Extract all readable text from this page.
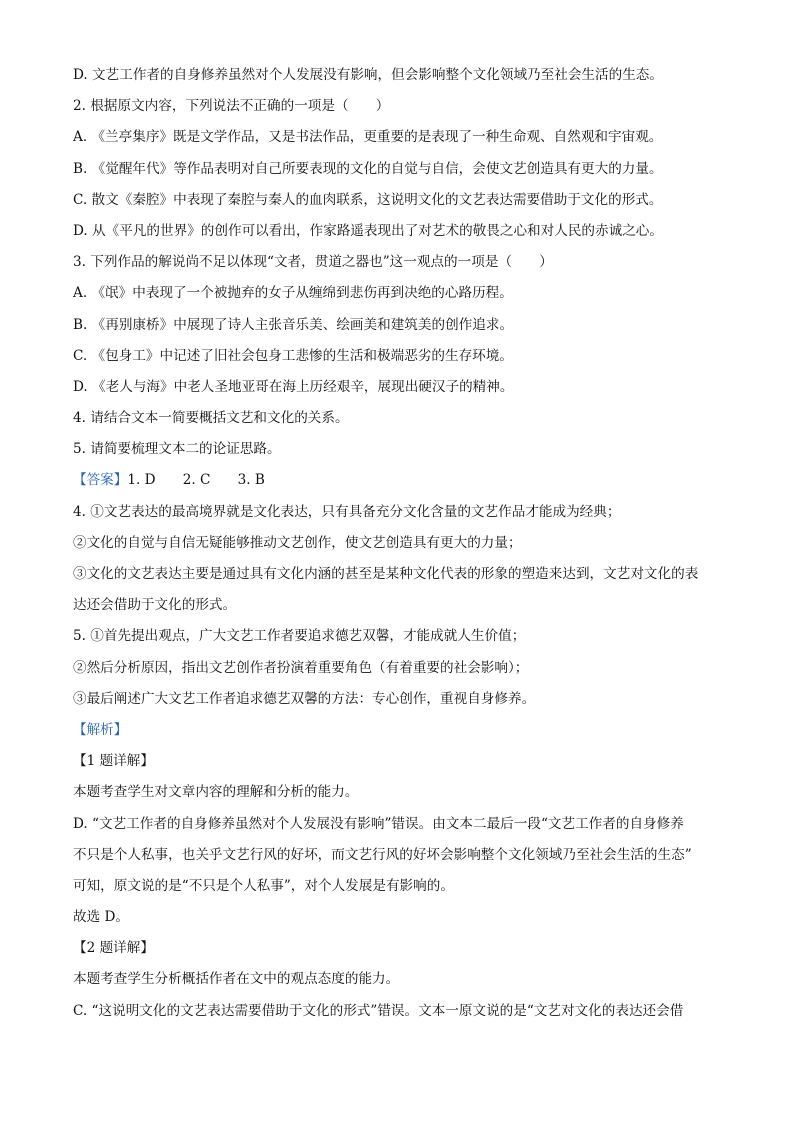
D. 文艺工作者的自身修养虽然对个人发展没有影响，但会影响整个文化领域乃至社会生活的生态。
2. 根据原文内容，下列说法不正确的一项是（　　）
A. 《兰亭集序》既是文学作品，又是书法作品，更重要的是表现了一种生命观、自然观和宇宙观。
B. 《觉醒年代》等作品表明对自己所要表现的文化的自觉与自信，会使文艺创造具有更大的力量。
C. 散文《秦腔》中表现了秦腔与秦人的血肉联系，这说明文化的文艺表达需要借助于文化的形式。
D. 从《平凡的世界》的创作可以看出，作家路遥表现出了对艺术的敬畏之心和对人民的赤诚之心。
3. 下列作品的解说尚不足以体现“文者，贯道之器也”这一观点的一项是（　　）
A. 《氓》中表现了一个被抛弃的女子从缠绵到悲伤再到决绝的心路历程。
B. 《再别康桥》中展现了诗人主张音乐美、绘画美和建筑美的创作追求。
C. 《包身工》中记述了旧社会包身工悲惨的生活和极端恶劣的生存环境。
D. 《老人与海》中老人圣地亚哥在海上历经艰辛，展现出硬汉子的精神。
4. 请结合文本一简要概括文艺和文化的关系。
5. 请简要梳理文本二的论证思路。
【答案】1. D　　2. C　　3. B
4. ①文艺表达的最高境界就是文化表达，只有具备充分文化含量的文艺作品才能成为经典；
②文化的自觉与自信无疑能够推动文艺创作，使文艺创造具有更大的力量；
③文化的文艺表达主要是通过具有文化内涵的甚至是某种文化代表的形象的塑造来达到，文艺对文化的表
达还会借助于文化的形式。
5. ①首先提出观点，广大文艺工作者要追求德艺双馨，才能成就人生价值；
②然后分析原因，指出文艺创作者扮演着重要角色（有着重要的社会影响）；
③最后阐述广大文艺工作者追求德艺双馨的方法：专心创作，重视自身修养。
【解析】
【1 题详解】
本题考查学生对文章内容的理解和分析的能力。
D. “文艺工作者的自身修养虽然对个人发展没有影响”错误。由文本二最后一段“文艺工作者的自身修养
不只是个人私事，也关乎文艺行风的好坏，而文艺行风的好坏会影响整个文化领域乃至社会生活的生态”
可知，原文说的是“不只是个人私事”，对个人发展是有影响的。
故选 D。
【2 题详解】
本题考查学生分析概括作者在文中的观点态度的能力。
C. “这说明文化的文艺表达需要借助于文化的形式”错误。文本一原文说的是“文艺对文化的表达还会借
